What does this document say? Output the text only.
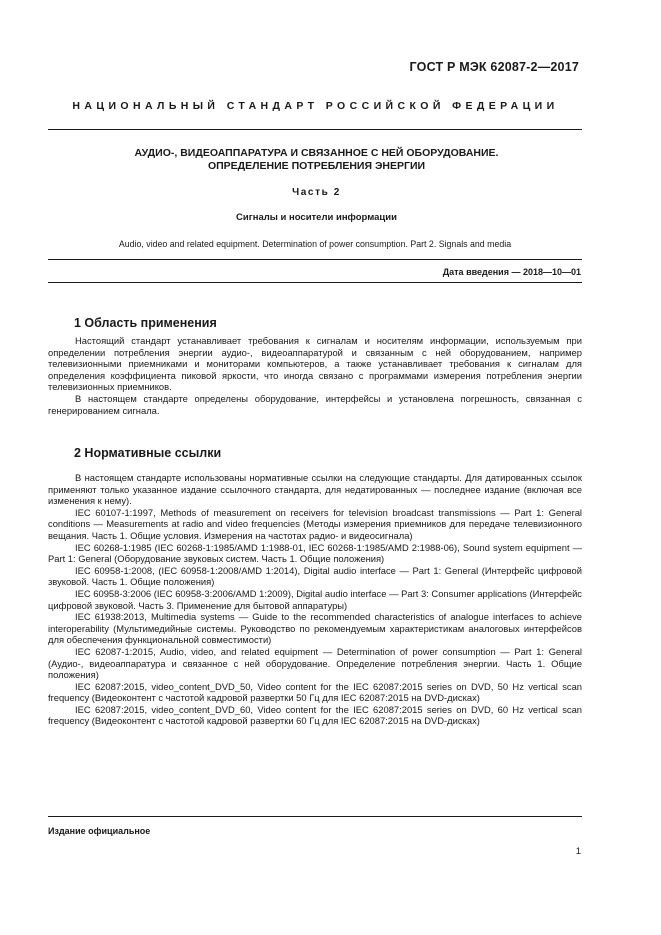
ГОСТ Р МЭК 62087-2—2017
НАЦИОНАЛЬНЫЙ СТАНДАРТ РОССИЙСКОЙ ФЕДЕРАЦИИ
АУДИО-, ВИДЕОАППАРАТУРА И СВЯЗАННОЕ С НЕЙ ОБОРУДОВАНИЕ.
ОПРЕДЕЛЕНИЕ ПОТРЕБЛЕНИЯ ЭНЕРГИИ
Часть 2
Сигналы и носители информации
Audio, video and related equipment. Determination of power consumption. Part 2. Signals and media
Дата введения — 2018—10—01
1 Область применения

Настоящий стандарт устанавливает требования к сигналам и носителям информации, используемым при определении потребления энергии аудио-, видеоаппаратурой и связанным с ней оборудованием, например телевизионными приемниками и мониторами компьютеров, а также устанавливает требования к сигналам для определения коэффициента пиковой яркости, что иногда связано с программами измерения потребления энергии телевизионных приемников.

В настоящем стандарте определены оборудование, интерфейсы и установлена погрешность, связанная с генерированием сигнала.

2 Нормативные ссылки

В настоящем стандарте использованы нормативные ссылки на следующие стандарты. Для датированных ссылок применяют только указанное издание ссылочного стандарта, для недатированных — последнее издание (включая все изменения к нему).

IEC 60107-1:1997, Methods of measurement on receivers for television broadcast transmissions — Part 1: General conditions — Measurements at radio and video frequencies (Методы измерения приемников для передаче телевизионного вещания. Часть 1. Общие условия. Измерения на частотах радио- и видеосигнала)

IEC 60268-1:1985 (IEC 60268-1:1985/AMD 1:1988-01, IEC 60268-1:1985/AMD 2:1988-06), Sound system equipment — Part 1: General (Оборудование звуковых систем. Часть 1. Общие положения)

IEC 60958-1:2008, (IEC 60958-1:2008/AMD 1:2014), Digital audio interface — Part 1: General (Интерфейс цифровой звуковой. Часть 1. Общие положения)

IEC 60958-3:2006 (IEC 60958-3:2006/AMD 1:2009), Digital audio interface — Part 3: Consumer applications (Интерфейс цифровой звуковой. Часть 3. Применение для бытовой аппаратуры)

IEC 61938:2013, Multimedia systems — Guide to the recommended characteristics of analogue interfaces to achieve interoperability (Мультимедийные системы. Руководство по рекомендуемым характеристикам аналоговых интерфейсов для обеспечения функциональной совместимости)

IEC 62087-1:2015, Audio, video, and related equipment — Determination of power consumption — Part 1: General (Аудио-, видеоаппаратура и связанное с ней оборудование. Определение потребления энергии. Часть 1. Общие положения)

IEC 62087:2015, video_content_DVD_50, Video content for the IEC 62087:2015 series on DVD, 50 Hz vertical scan frequency (Видеоконтент с частотой кадровой развертки 50 Гц для IEC 62087:2015 на DVD-дисках)

IEC 62087:2015, video_content_DVD_60, Video content for the IEC 62087:2015 series on DVD, 60 Hz vertical scan frequency (Видеоконтент с частотой кадровой развертки 60 Гц для IEC 62087:2015 на DVD-дисках)

Издание официальное
1
